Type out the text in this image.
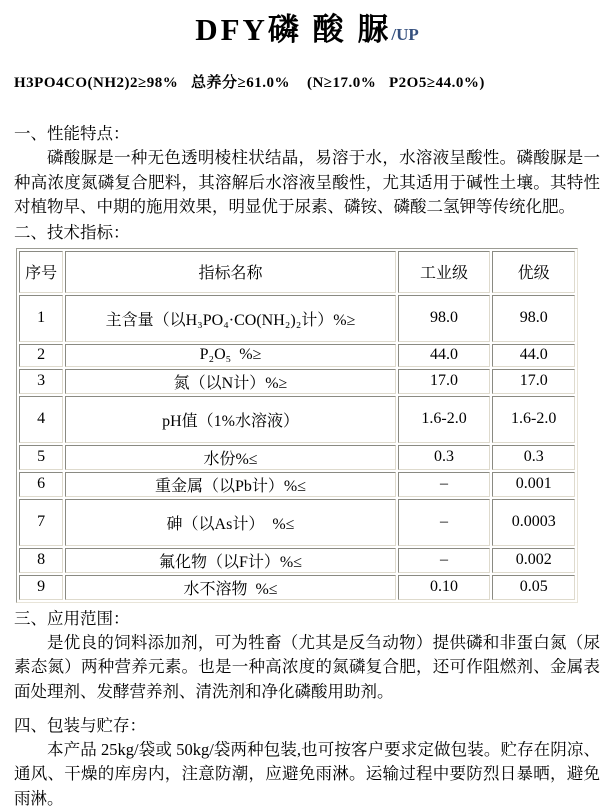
DFY磷 酸 脲/UP
H3PO4CO(NH2)2≥98%   总养分≥61.0%    (N≥17.0%   P2O5≥44.0%)
一、性能特点：

磷酸脲是一种无色透明棱柱状结晶，易溶于水，水溶液呈酸性。磷酸脲是一种高浓度氮磷复合肥料，其溶解后水溶液呈酸性，尤其适用于碱性土壤。其特性对植物早、中期的施用效果，明显优于尿素、磷铵、磷酸二氢钾等传统化肥。

二、技术指标：
序号	指标名称	工业级	优级
1	主含量（以H₃PO₄·CO(NH₂)₂计）%≥	98.0	98.0
2	P₂O₅  %≥	44.0	44.0
3	氮（以N计）%≥	17.0	17.0
4	pH值（1%水溶液）	1.6-2.0	1.6-2.0
5	水份%≤	0.3	0.3
6	重金属（以Pb计）%≤	–	0.001
7	砷（以As计）  %≤	–	0.0003
8	氟化物（以F计）%≤	–	0.002
9	水不溶物  %≤	0.10	0.05
三、应用范围：

是优良的饲料添加剂，可为牲畜（尤其是反刍动物）提供磷和非蛋白氮（尿素态氮）两种营养元素。也是一种高浓度的氮磷复合肥，还可作阻燃剂、金属表面处理剂、发酵营养剂、清洗剂和净化磷酸用助剂。

四、包装与贮存：

本产品 25kg/袋或 50kg/袋两种包装,也可按客户要求定做包装。贮存在阴凉、通风、干燥的库房内，注意防潮，应避免雨淋。运输过程中要防烈日暴晒，避免雨淋。
